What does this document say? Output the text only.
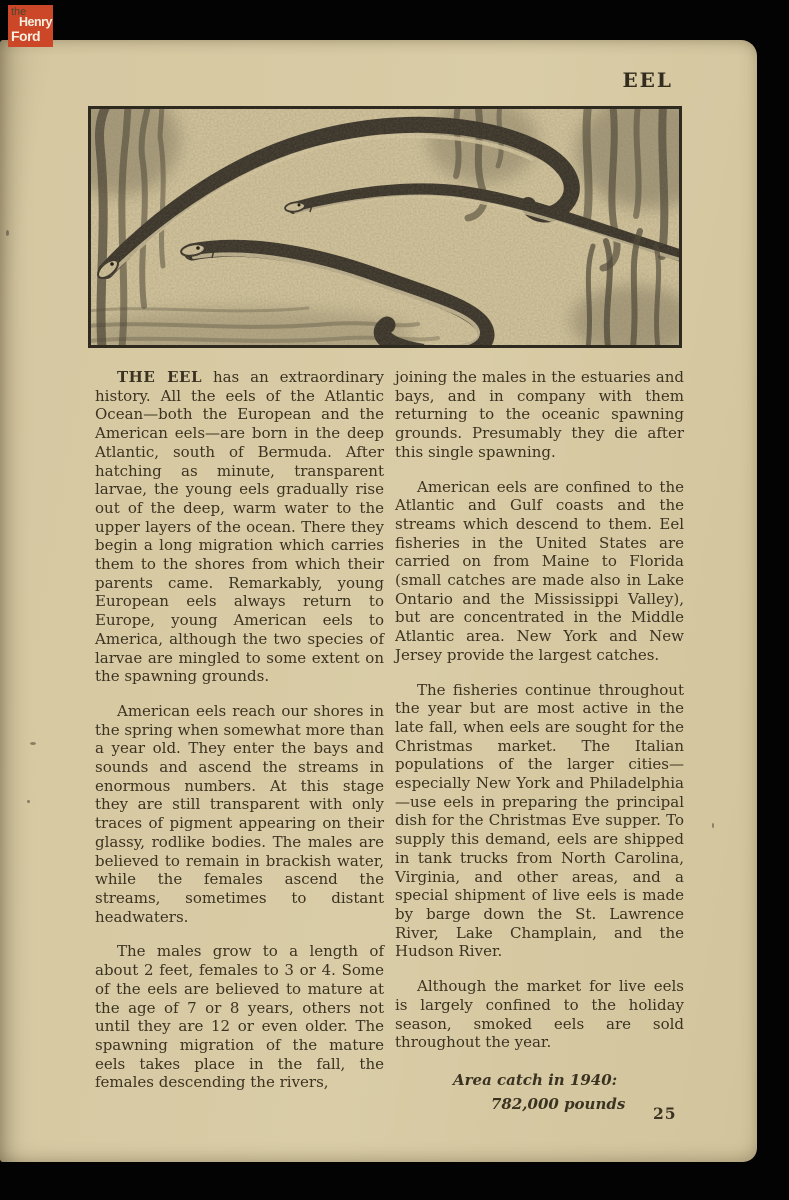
EEL

THE EEL has an extraordinary history. All the eels of the Atlantic Ocean—both the European and the American eels—are born in the deep Atlantic, south of Bermuda. After hatching as minute, transparent larvae, the young eels gradually rise out of the deep, warm water to the upper layers of the ocean. There they begin a long migration which carries them to the shores from which their parents came. Remarkably, young European eels always return to Europe, young American eels to America, although the two species of larvae are mingled to some extent on the spawning grounds.

American eels reach our shores in the spring when somewhat more than a year old. They enter the bays and sounds and ascend the streams in enormous numbers. At this stage they are still transparent with only traces of pigment appearing on their glassy, rodlike bodies. The males are believed to remain in brackish water, while the females ascend the streams, sometimes to distant headwaters.

The males grow to a length of about 2 feet, females to 3 or 4. Some of the eels are believed to mature at the age of 7 or 8 years, others not until they are 12 or even older. The spawning migration of the mature eels takes place in the fall, the females descending the rivers,

joining the males in the estuaries and bays, and in company with them returning to the oceanic spawning grounds. Presumably they die after this single spawning.

American eels are confined to the Atlantic and Gulf coasts and the streams which descend to them. Eel fisheries in the United States are carried on from Maine to Florida (small catches are made also in Lake Ontario and the Mississippi Valley), but are concentrated in the Middle Atlantic area. New York and New Jersey provide the largest catches.

The fisheries continue throughout the year but are most active in the late fall, when eels are sought for the Christmas market. The Italian populations of the larger cities—especially New York and Philadelphia—use eels in preparing the principal dish for the Christmas Eve supper. To supply this demand, eels are shipped in tank trucks from North Carolina, Virginia, and other areas, and a special shipment of live eels is made by barge down the St. Lawrence River, Lake Champlain, and the Hudson River.

Although the market for live eels is largely confined to the holiday season, smoked eels are sold throughout the year.

Area catch in 1940:
782,000 pounds
25
the
Henry
Ford
